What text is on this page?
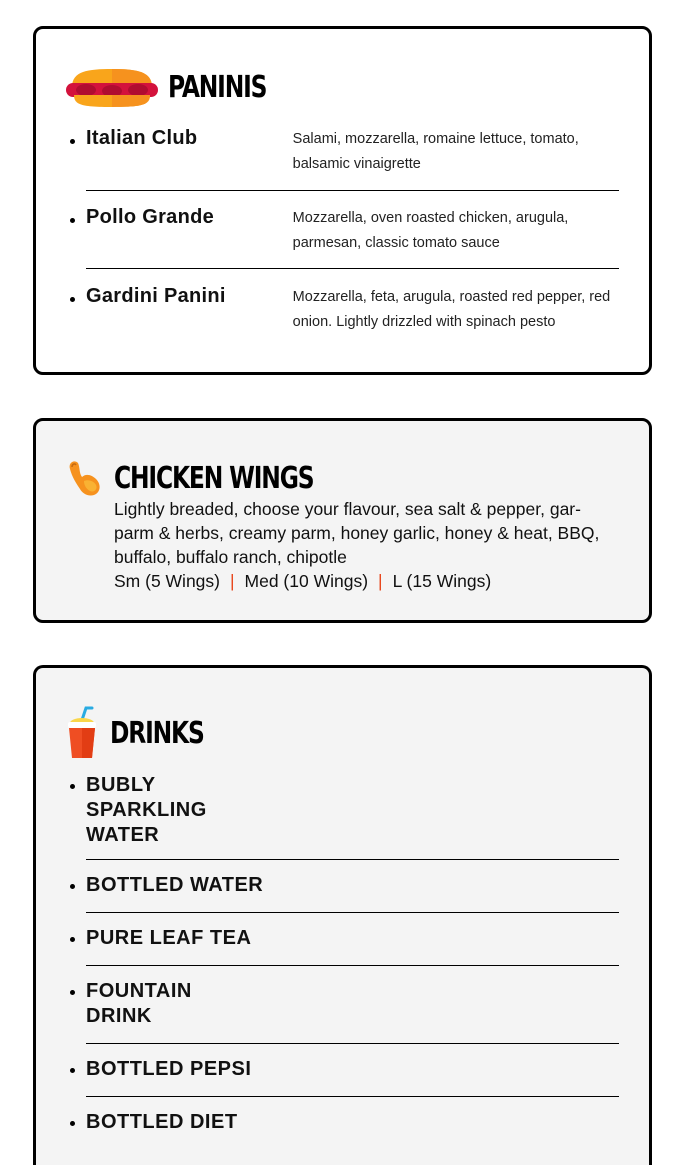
PANINIS
Italian Club	Salami, mozzarella, romaine lettuce, tomato, balsamic vinaigrette
Pollo Grande	Mozzarella, oven roasted chicken, arugula, parmesan, classic tomato sauce
Gardini Panini	Mozzarella, feta, arugula, roasted red pepper, red onion. Lightly drizzled with spinach pesto
CHICKEN WINGS
Lightly breaded, choose your flavour, sea salt & pepper, gar-parm & herbs, creamy parm, honey garlic, honey & heat, BBQ, buffalo, buffalo ranch, chipotle
Sm (5 Wings) | Med (10 Wings) | L (15 Wings)
DRINKS
BUBLY SPARKLING WATER
BOTTLED WATER
PURE LEAF TEA
FOUNTAIN DRINK
BOTTLED PEPSI
BOTTLED DIET
